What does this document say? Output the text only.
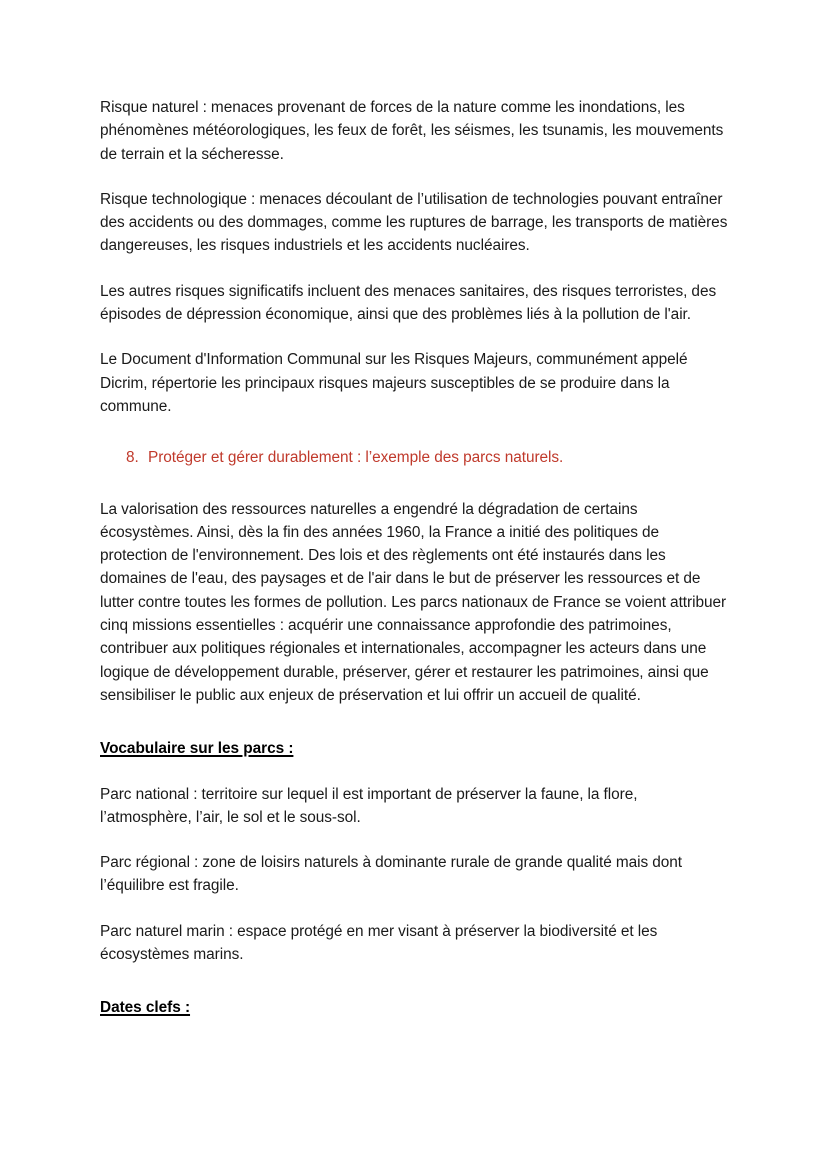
Risque naturel : menaces provenant de forces de la nature comme les inondations, les phénomènes météorologiques, les feux de forêt, les séismes, les tsunamis, les mouvements de terrain et la sécheresse.

Risque technologique : menaces découlant de l’utilisation de technologies pouvant entraîner des accidents ou des dommages, comme les ruptures de barrage, les transports de matières dangereuses, les risques industriels et les accidents nucléaires.

Les autres risques significatifs incluent des menaces sanitaires, des risques terroristes, des épisodes de dépression économique, ainsi que des problèmes liés à la pollution de l'air.

Le Document d'Information Communal sur les Risques Majeurs, communément appelé Dicrim, répertorie les principaux risques majeurs susceptibles de se produire dans la commune.

8. Protéger et gérer durablement : l’exemple des parcs naturels.

La valorisation des ressources naturelles a engendré la dégradation de certains écosystèmes. Ainsi, dès la fin des années 1960, la France a initié des politiques de protection de l'environnement. Des lois et des règlements ont été instaurés dans les domaines de l'eau, des paysages et de l'air dans le but de préserver les ressources et de lutter contre toutes les formes de pollution. Les parcs nationaux de France se voient attribuer cinq missions essentielles : acquérir une connaissance approfondie des patrimoines, contribuer aux politiques régionales et internationales, accompagner les acteurs dans une logique de développement durable, préserver, gérer et restaurer les patrimoines, ainsi que sensibiliser le public aux enjeux de préservation et lui offrir un accueil de qualité.

Vocabulaire sur les parcs :

Parc national : territoire sur lequel il est important de préserver la faune, la flore, l’atmosphère, l’air, le sol et le sous-sol.

Parc régional : zone de loisirs naturels à dominante rurale de grande qualité mais dont l’équilibre est fragile.

Parc naturel marin : espace protégé en mer visant à préserver la biodiversité et les écosystèmes marins.

Dates clefs :
